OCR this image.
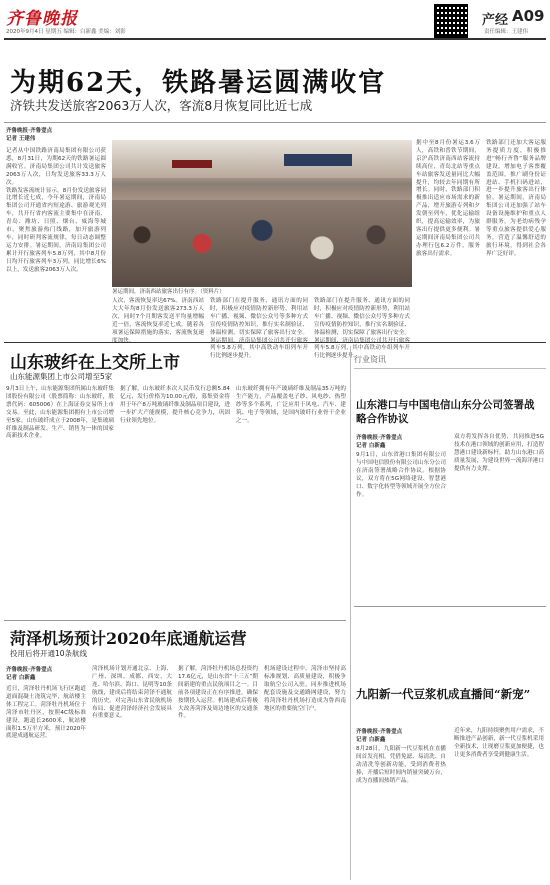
齐鲁晚报
2020年9月4日 星期五 编辑：白新鑫 美编：刘影
产经 A09
责任编辑：王建伟
为期62天，铁路暑运圆满收官
济铁共发送旅客2063万人次，客流8月恢复同比近七成
齐鲁晚报·齐鲁壹点
记者 王建伟
记者从中国铁路济南局集团有限公司获悉，8月31日，为期62天的铁路暑运圆满收官。济南局集团公司共计发送旅客2063万人次，日均发送旅客33.3万人次。
铁路发客流统计显示，8月份发送旅客同比增长近七成，今年暑运期间，济南局集团公司开通省内短途游、旅游观光列车，共开行省内客流主要集中在济南、青岛、潍坊、日照、烟台、威海等城市，聚焦旅游热门线路，加开旅游列车，同时研判客流规律，每日动态调整运力安排。暑运期间，济南局集团公司累计开行旅客列车5.8万列，其中8月份日均开行旅客列车3万列，同比增长6%以上，发送旅客2063万人次。
暑运期间，济南西站旅客出行有序。（资料片）
人次，客流恢复率达67%。济南西站大大年均8月份发送旅客273.3万人次，同时7个月期客发送平均量增幅近一倍，客流恢复率近七成，随着各项暑运保障措施的落实，客流恢复速度加快。
铁路部门在提升服务、通讯方面的同时，积极应对疫情防控新形势，利用站车广播、视频、微信公众号等多种方式宣传疫情防控知识，推行实名制验证、体温检测，切实保障了旅客出行安全。暑运期间，济南局集团公司共开行旅客列车5.8万列，其中高铁动车组列车开行比例逐步提升。
据中至8月份暑运3.6万人，高铁和普铁节期间，京沪高铁济南西站客流持续高位，青岛北站等重点车站旅客发送量同比大幅提升，均较去年同期有所增长。同时，铁路部门积极推出适应市场需求的新产品，增开旅游专列和夕发朝至列车，优化运输组织，提高运输效率，为旅客出行提供更多便利。暑运期间济南局集团公司共办理行包6.2万件，服务旅客出行需求。
铁路部门还加大客运服务提质力度，积极推进“畅行齐鲁”服务品牌建设，增加电子客票覆盖范围，推广刷身份证进站、手机扫码进站，进一步提升旅客出行体验。暑运期间，济南局集团公司还加强了站车设备设施维护和重点人群服务，为老幼病残孕等重点旅客提供爱心服务，营造了温馨舒适的旅行环境，得到社会各界广泛好评。
铁路部门在提升服务、通讯方面的同时，积极应对疫情防控新形势，利用站车广播、视频、微信公众号等多种方式宣传疫情防控知识，推行实名制验证、体温检测，切实保障了旅客出行安全。暑运期间，济南局集团公司共开行旅客列车5.8万列，其中高铁动车组列车开行比例逐步提升。
山东玻纤在上交所上市
山东能源集团上市公司增至5家
9月3日上午，山东能源集团所属山东玻纤集团股份有限公司（股票简称：山东玻纤，股票代码：605006）在上海证券交易所上市交易。至此，山东能源集团拥有上市公司增至5家。山东玻纤成立于2008年，是集玻璃纤维及制品研发、生产、销售为一体的国家高新技术企业。
据了解，山东玻纤本次人民币发行总额5.84亿元，发行价格为10.00元/股，募集资金将用于年产8万吨玻璃纤维及制品项目建设，进一步扩大产能规模，提升核心竞争力，巩固行业领先地位。
山东玻纤拥有年产玻璃纤维及制品35万吨的生产能力，产品覆盖电子纱、风电纱、热塑纱等多个系列，广泛应用于风电、汽车、建筑、电子等领域，是国内玻纤行业骨干企业之一。
菏泽机场预计2020年底通航运营
投用后将开通10条航线
齐鲁晚报·齐鲁壹点
记者 白新鑫
近日，菏泽牡丹机场飞行区跑道道面混凝土浇筑完毕，航站楼主体工程完工。菏泽牡丹机场位于菏泽市牡丹区，按照4C级标准建设，跑道长2600米，航站楼面积1.5万平方米，预计2020年底建成通航运营。
菏泽机场计划开通北京、上海、广州、深圳、成都、西安、大连、哈尔滨、海口、昆明等10条航线，建成后将结束菏泽不通航的历史，对完善山东省民航机场布局、促进菏泽经济社会发展具有重要意义。
据了解，菏泽牡丹机场总投资约17.6亿元，是山东省“十三五”期间新建的重点民航项目之一。目前各项建设正在有序推进，确保按期投入运营。机场建成后将极大改善菏泽及周边地区的交通条件。
机场建设过程中，菏泽市坚持高标准规划、高质量建设，积极争取航空公司入驻，同步推进机场配套设施及交通路网建设，努力将菏泽牡丹机场打造成为鲁西南地区的重要航空门户。
行业资讯
山东港口与中国电信山东分公司签署战略合作协议
齐鲁晚报·齐鲁壹点
记者 白新鑫
9月1日，山东省港口集团有限公司与中国电信股份有限公司山东分公司在济南签署战略合作协议。根据协议，双方将在5G网络建设、智慧港口、数字化转型等领域开展全方位合作。
双方将发挥各自优势，共同推进5G技术在港口领域的创新应用，打造智慧港口建设新标杆，助力山东港口高质量发展，为建设世界一流海洋港口提供有力支撑。
九阳新一代豆浆机成直播间“新宠”
齐鲁晚报·齐鲁壹点
记者 白新鑫
8月28日，九阳新一代豆浆机在直播间首发亮相，凭借免滤、易清洗、自动清洗等创新功能，受到消费者热捧，开播后短时间内销量突破万台，成为直播间热销产品。
近年来，九阳持续聚焦用户需求，不断推进产品创新，新一代豆浆机采用全新技术，让现磨豆浆更加便捷，也让更多消费者享受到健康生活。
